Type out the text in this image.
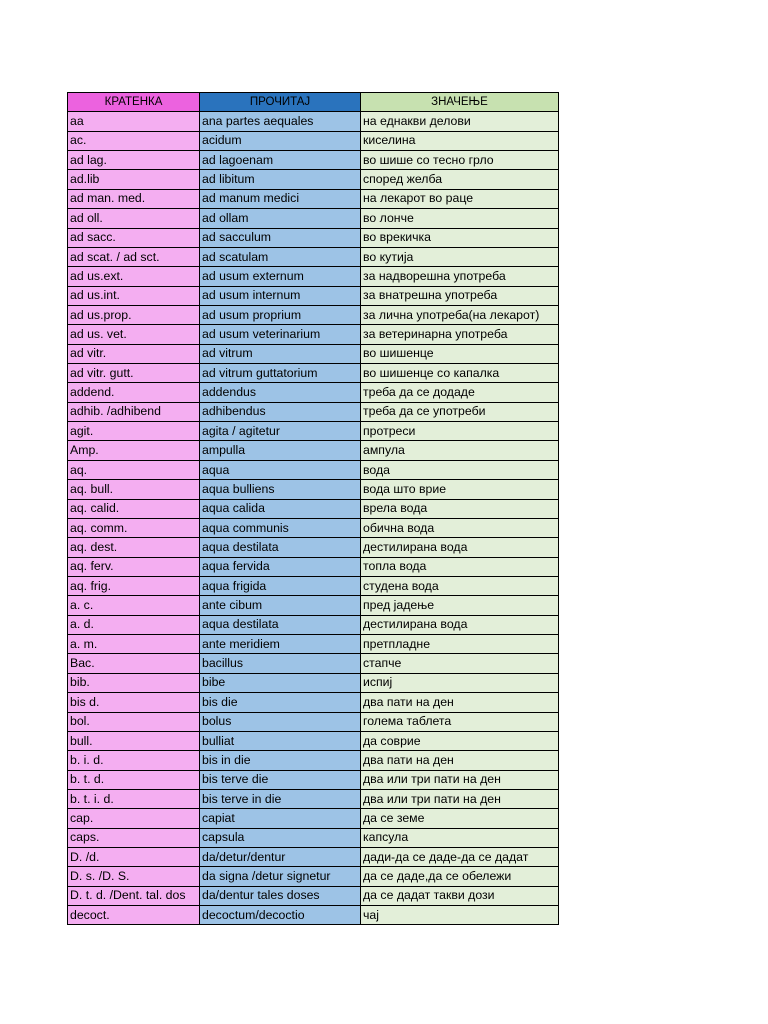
КРАТЕНКА	ПРОЧИТАЈ	ЗНАЧЕЊЕ
aa	ana partes aequales	на еднакви делови
ac.	acidum	киселина
ad lag.	ad lagoenam	во шише со тесно грло
ad.lib	ad libitum	според желба
ad man. med.	ad manum medici	на лекарот во раце
ad oll.	ad ollam	во лонче
ad sacc.	ad sacculum	во врекичка
ad scat. / ad sct.	ad scatulam	во кутија
ad us.ext.	ad usum externum	за надворешна употреба
ad us.int.	ad usum internum	за внатрешна употреба
ad us.prop.	ad usum proprium	за лична употреба(на лекарот)
ad us. vet.	ad usum veterinarium	за ветеринарна употреба
ad vitr.	ad vitrum	во шишенце
ad vitr. gutt.	ad vitrum guttatorium	во шишенце со капалка
addend.	addendus	треба да се додаде
adhib. /adhibend	adhibendus	треба да се употреби
agit.	agita / agitetur	протреси
Amp.	ampulla	ампула
aq.	aqua	вода
aq. bull.	aqua bulliens	вода што врие
aq. calid.	aqua calida	врела вода
aq. comm.	aqua communis	обична вода
aq. dest.	aqua destilata	дестилирана вода
aq. ferv.	aqua fervida	топла вода
aq. frig.	aqua frigida	студена вода
a. c.	ante cibum	пред јадење
a. d.	aqua destilata	дестилирана вода
a. m.	ante meridiem	претпладне
Bac.	bacillus	стапче
bib.	bibe	испиј
bis d.	bis die	два пати на ден
bol.	bolus	голема таблета
bull.	bulliat	да соврие
b. i. d.	bis in die	два пати на ден
b. t. d.	bis terve die	два или три пати на ден
b. t. i. d.	bis terve in die	два или три пати на ден
cap.	capiat	да се земе
caps.	capsula	капсула
D. /d.	da/detur/dentur	дади-да се даде-да се дадат
D. s. /D. S.	da signa /detur signetur	да се даде,да се обележи
D. t. d. /Dent. tal. dos	da/dentur tales doses	да се дадат такви дози
decoct.	decoctum/decoctio	чај
